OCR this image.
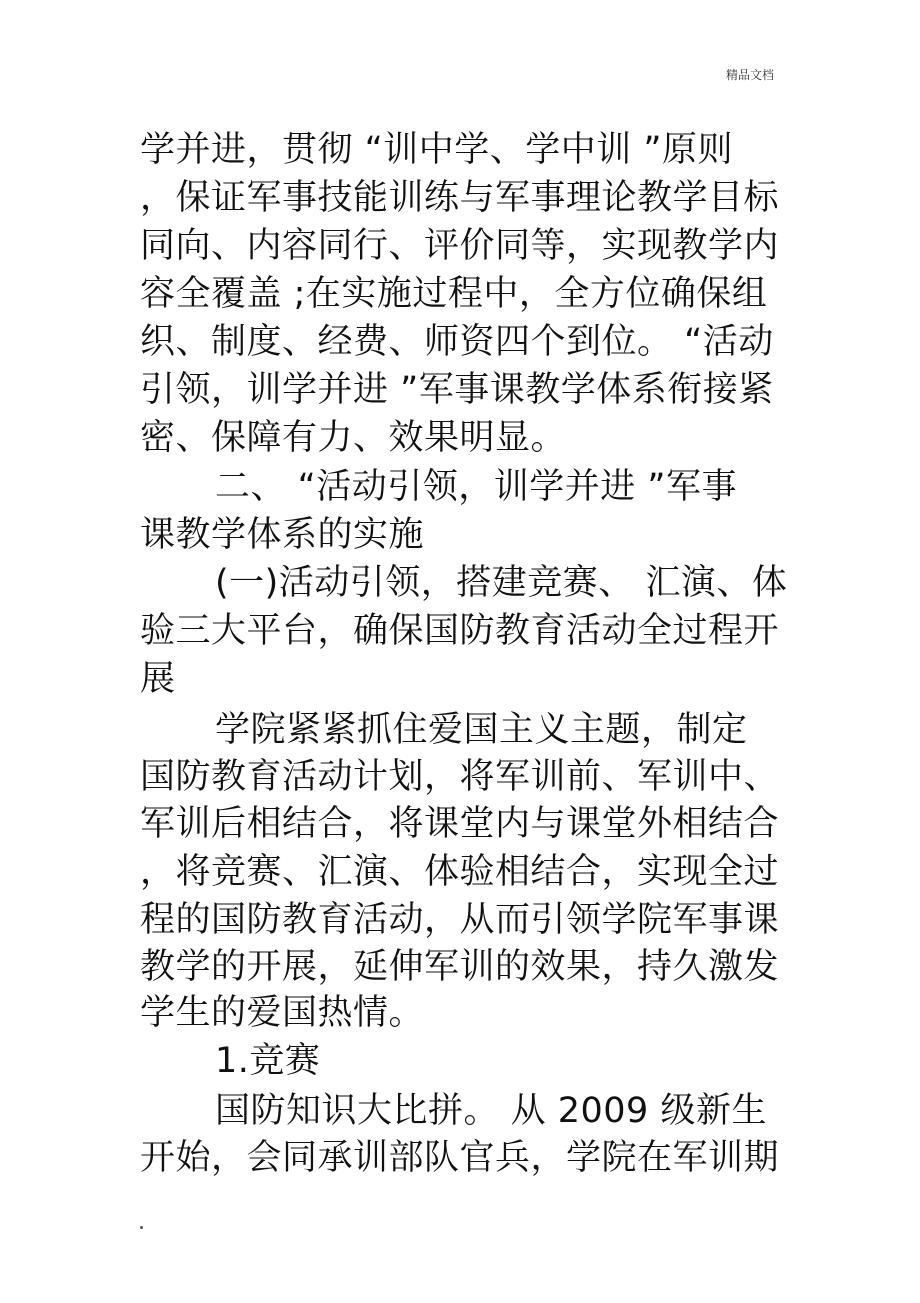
精品文档
学并进，贯彻 “训中学、学中训 ”原则
，保证军事技能训练与军事理论教学目标
同向、内容同行、评价同等，实现教学内
容全覆盖 ;在实施过程中，全方位确保组
织、制度、经费、师资四个到位。 “活动
引领，训学并进 ”军事课教学体系衔接紧
密、保障有力、效果明显。
二、 “活动引领，训学并进 ”军事
课教学体系的实施
(一)活动引领，搭建竞赛、 汇演、体
验三大平台，确保国防教育活动全过程开
展
学院紧紧抓住爱国主义主题，制定
国防教育活动计划，将军训前、军训中、
军训后相结合，将课堂内与课堂外相结合
，将竞赛、汇演、体验相结合，实现全过
程的国防教育活动，从而引领学院军事课
教学的开展，延伸军训的效果，持久激发
学生的爱国热情。
1.竞赛
国防知识大比拼。 从 2009 级新生
开始，会同承训部队官兵，学院在军训期
